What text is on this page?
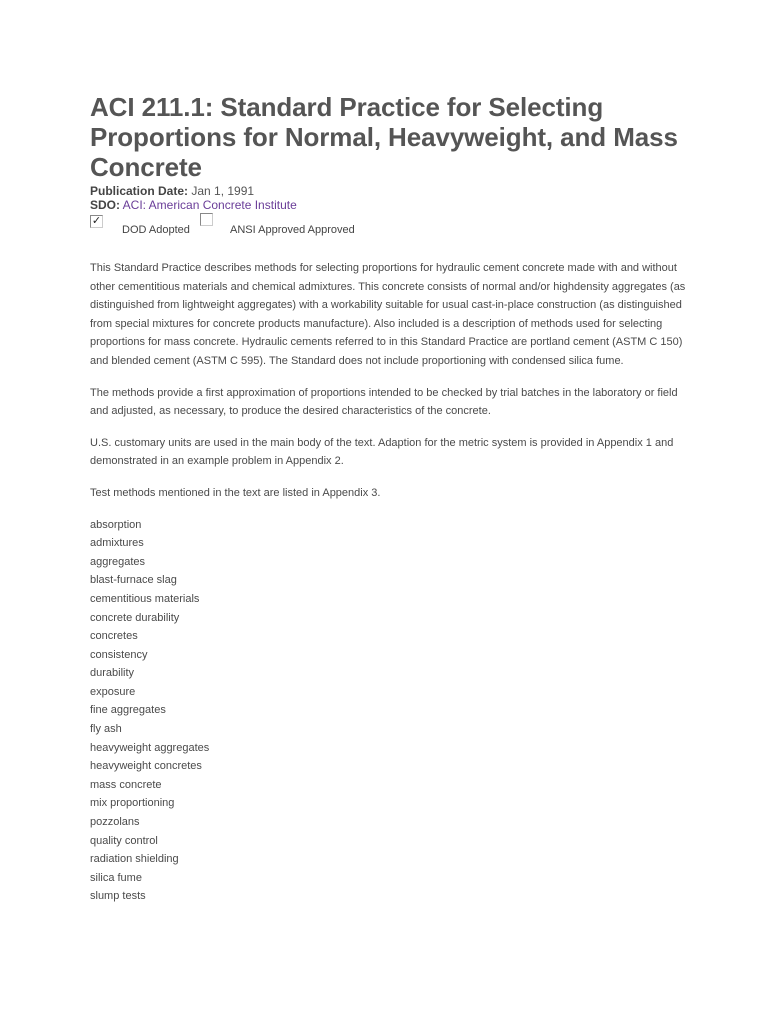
ACI 211.1: Standard Practice for Selecting Proportions for Normal, Heavyweight, and Mass Concrete
Publication Date: Jan 1, 1991
SDO: ACI: American Concrete Institute
✓
DOD Adopted	ANSI Approved Approved

This Standard Practice describes methods for selecting proportions for hydraulic cement concrete made with and without other cementitious materials and chemical admixtures. This concrete consists of normal and/or highdensity aggregates (as distinguished from lightweight aggregates) with a workability suitable for usual cast-in-place construction (as distinguished from special mixtures for concrete products manufacture). Also included is a description of methods used for selecting proportions for mass concrete. Hydraulic cements referred to in this Standard Practice are portland cement (ASTM C 150) and blended cement (ASTM C 595). The Standard does not include proportioning with condensed silica fume.

The methods provide a first approximation of proportions intended to be checked by trial batches in the laboratory or field and adjusted, as necessary, to produce the desired characteristics of the concrete.

U.S. customary units are used in the main body of the text. Adaption for the metric system is provided in Appendix 1 and demonstrated in an example problem in Appendix 2.

Test methods mentioned in the text are listed in Appendix 3.

absorption
admixtures
aggregates
blast-furnace slag
cementitious materials
concrete durability
concretes
consistency
durability
exposure
fine aggregates
fly ash
heavyweight aggregates
heavyweight concretes
mass concrete
mix proportioning
pozzolans
quality control
radiation shielding
silica fume
slump tests
